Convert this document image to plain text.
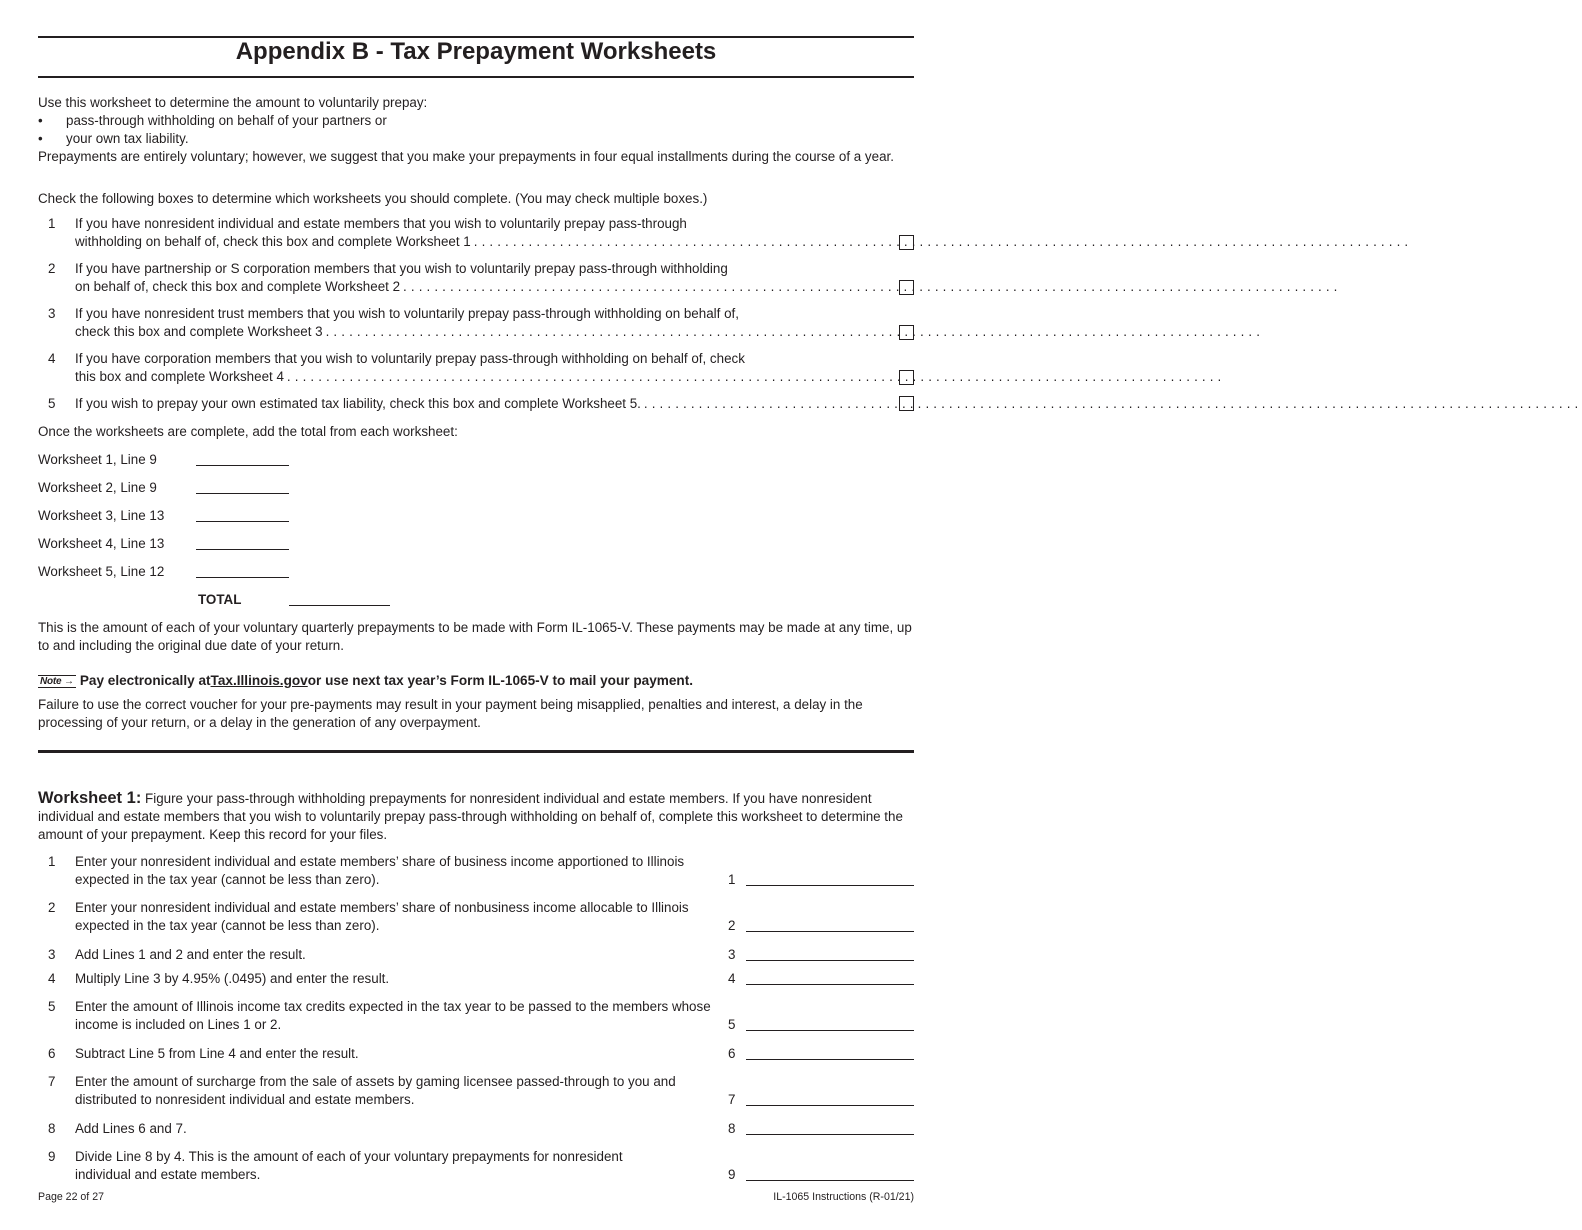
Appendix B - Tax Prepayment Worksheets

Use this worksheet to determine the amount to voluntarily prepay:

• pass-through withholding on behalf of your partners or
• your own tax liability.

Prepayments are entirely voluntary; however, we suggest that you make your prepayments in four equal installments during the course of a year.

Check the following boxes to determine which worksheets you should complete. (You may check multiple boxes.)

1 If you have nonresident individual and estate members that you wish to voluntarily prepay pass-through
withholding on behalf of, check this box and complete Worksheet 1 ........................................................................................................................
2 If you have partnership or S corporation members that you wish to voluntarily prepay pass-through withholding
on behalf of, check this box and complete Worksheet 2 ........................................................................................................................
3 If you have nonresident trust members that you wish to voluntarily prepay pass-through withholding on behalf of,
check this box and complete Worksheet 3 ........................................................................................................................
4 If you have corporation members that you wish to voluntarily prepay pass-through withholding on behalf of, check
this box and complete Worksheet 4 ........................................................................................................................
5 If you wish to prepay your own estimated tax liability, check this box and complete Worksheet 5. ........................................................................................................................

Once the worksheets are complete, add the total from each worksheet:

Worksheet 1, Line 9
Worksheet 2, Line 9
Worksheet 3, Line 13
Worksheet 4, Line 13
Worksheet 5, Line 12
TOTAL

This is the amount of each of your voluntary quarterly prepayments to be made with Form IL-1065-V. These payments may be made at any time, up to and including the original due date of your return.

Note → Pay electronically at Tax.Illinois.gov or use next tax year’s Form IL-1065-V to mail your payment.

Failure to use the correct voucher for your pre-payments may result in your payment being misapplied, penalties and interest, a delay in the processing of your return, or a delay in the generation of any overpayment.

Worksheet 1: Figure your pass-through withholding prepayments for nonresident individual and estate members. If you have nonresident individual and estate members that you wish to voluntarily prepay pass-through withholding on behalf of, complete this worksheet to determine the amount of your prepayment. Keep this record for your files.

1 Enter your nonresident individual and estate members’ share of business income apportioned to Illinois expected in the tax year (cannot be less than zero).	1
2 Enter your nonresident individual and estate members’ share of nonbusiness income allocable to Illinois expected in the tax year (cannot be less than zero).	2
3 Add Lines 1 and 2 and enter the result.	3
4 Multiply Line 3 by 4.95% (.0495) and enter the result.	4
5 Enter the amount of Illinois income tax credits expected in the tax year to be passed to the members whose income is included on Lines 1 or 2.	5
6 Subtract Line 5 from Line 4 and enter the result.	6
7 Enter the amount of surcharge from the sale of assets by gaming licensee passed-through to you and distributed to nonresident individual and estate members.	7
8 Add Lines 6 and 7.	8
9 Divide Line 8 by 4. This is the amount of each of your voluntary prepayments for nonresident individual and estate members.	9
Page 22 of 27	IL-1065 Instructions (R-01/21)
